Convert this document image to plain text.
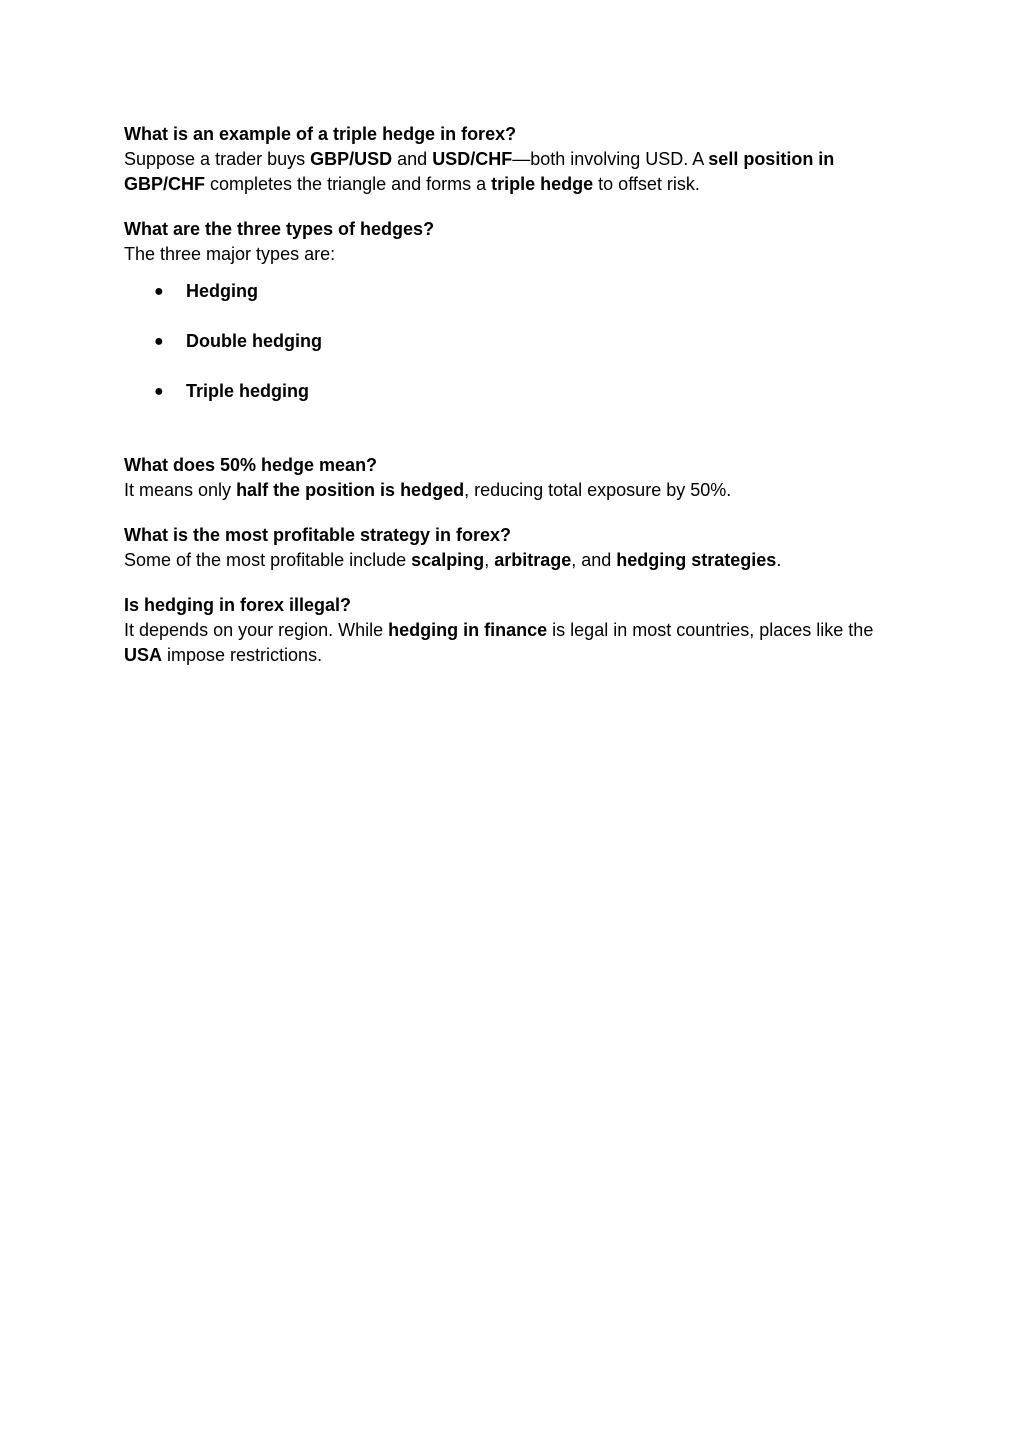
What is an example of a triple hedge in forex?

Suppose a trader buys GBP/USD and USD/CHF—both involving USD. A sell position in GBP/CHF completes the triangle and forms a triple hedge to offset risk.

What are the three types of hedges?

The three major types are:

● Hedging
● Double hedging
● Triple hedging

What does 50% hedge mean?

It means only half the position is hedged, reducing total exposure by 50%.

What is the most profitable strategy in forex?

Some of the most profitable include scalping, arbitrage, and hedging strategies.

Is hedging in forex illegal?

It depends on your region. While hedging in finance is legal in most countries, places like the USA impose restrictions.
